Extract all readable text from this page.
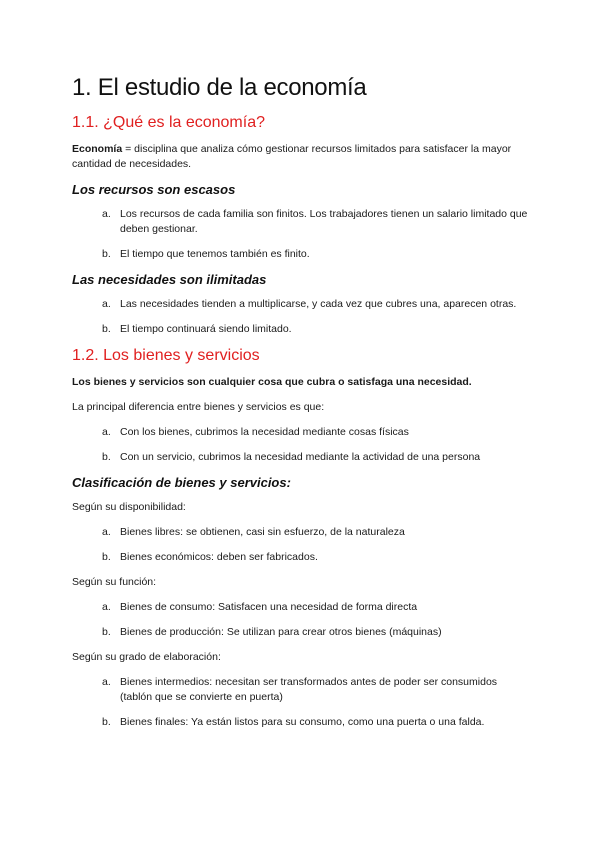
1. El estudio de la economía
1.1. ¿Qué es la economía?

Economía = disciplina que analiza cómo gestionar recursos limitados para satisfacer la mayor cantidad de necesidades.

Los recursos son escasos
a. Los recursos de cada familia son finitos. Los trabajadores tienen un salario limitado que deben gestionar.
b. El tiempo que tenemos también es finito.
Las necesidades son ilimitadas
a. Las necesidades tienden a multiplicarse, y cada vez que cubres una, aparecen otras.
b. El tiempo continuará siendo limitado.
1.2. Los bienes y servicios

Los bienes y servicios son cualquier cosa que cubra o satisfaga una necesidad.

La principal diferencia entre bienes y servicios es que:

a. Con los bienes, cubrimos la necesidad mediante cosas físicas
b. Con un servicio, cubrimos la necesidad mediante la actividad de una persona
Clasificación de bienes y servicios:

Según su disponibilidad:

a. Bienes libres: se obtienen, casi sin esfuerzo, de la naturaleza
b. Bienes económicos: deben ser fabricados.

Según su función:

a. Bienes de consumo: Satisfacen una necesidad de forma directa
b. Bienes de producción: Se utilizan para crear otros bienes (máquinas)

Según su grado de elaboración:

a. Bienes intermedios: necesitan ser transformados antes de poder ser consumidos (tablón que se convierte en puerta)
b. Bienes finales: Ya están listos para su consumo, como una puerta o una falda.
